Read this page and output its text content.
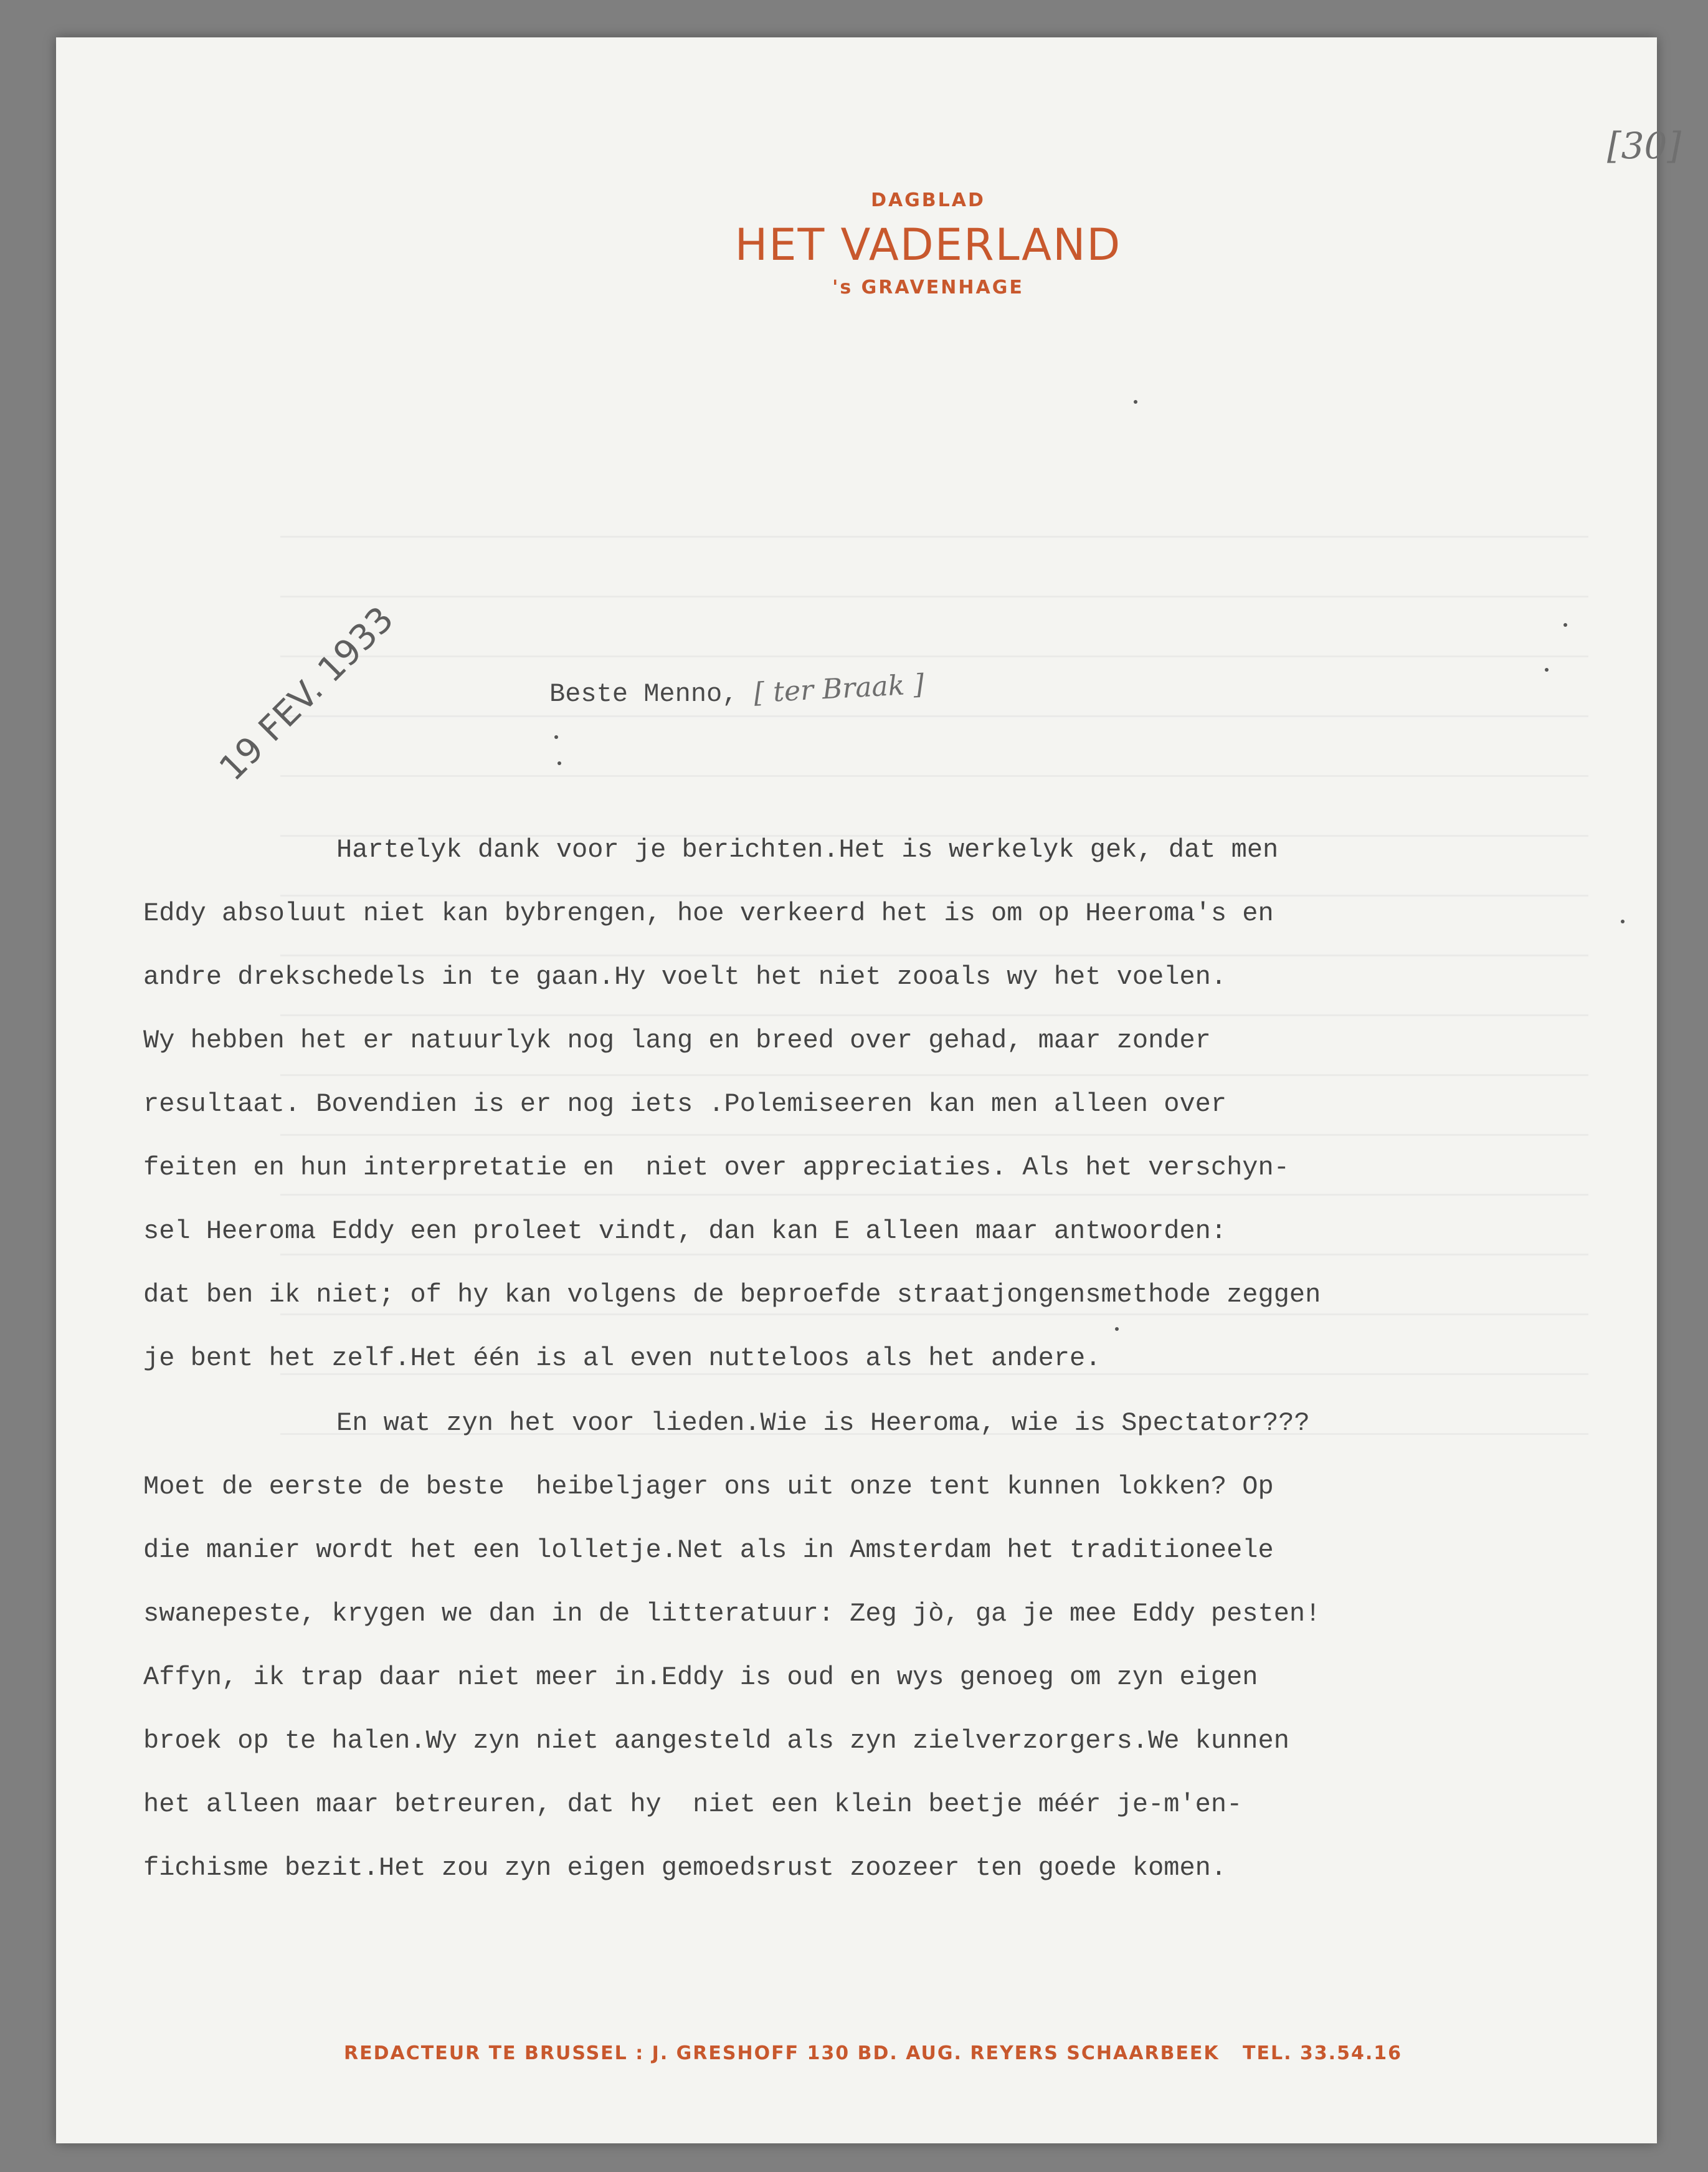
[30]
DAGBLAD
HET VADERLAND
's GRAVENHAGE
Beste Menno, [ ter Braak ]
19 FEV. 1933
Hartelyk dank voor je berichten.Het is werkelyk gek, dat men
Eddy absoluut niet kan bybrengen, hoe verkeerd het is om op Heeroma's en
andre drekschedels in te gaan.Hy voelt het niet zooals wy het voelen.
Wy hebben het er natuurlyk nog lang en breed over gehad, maar zonder
resultaat. Bovendien is er nog iets .Polemiseeren kan men alleen over
feiten en hun interpretatie en  niet over appreciaties. Als het verschyn-
sel Heeroma Eddy een proleet vindt, dan kan E alleen maar antwoorden:
dat ben ik niet; of hy kan volgens de beproefde straatjongensmethode zeggen
je bent het zelf.Het één is al even nutteloos als het andere.
En wat zyn het voor lieden.Wie is Heeroma, wie is Spectator???
Moet de eerste de beste  heibeljager ons uit onze tent kunnen lokken? Op
die manier wordt het een lolletje.Net als in Amsterdam het traditioneele
swanepeste, krygen we dan in de litteratuur: Zeg jò, ga je mee Eddy pesten!
Affyn, ik trap daar niet meer in.Eddy is oud en wys genoeg om zyn eigen
broek op te halen.Wy zyn niet aangesteld als zyn zielverzorgers.We kunnen
het alleen maar betreuren, dat hy  niet een klein beetje méér je-m'en-
fichisme bezit.Het zou zyn eigen gemoedsrust zoozeer ten goede komen.
REDACTEUR TE BRUSSEL : J. GRESHOFF 130 BD. AUG. REYERS SCHAARBEEK   TEL. 33.54.16
